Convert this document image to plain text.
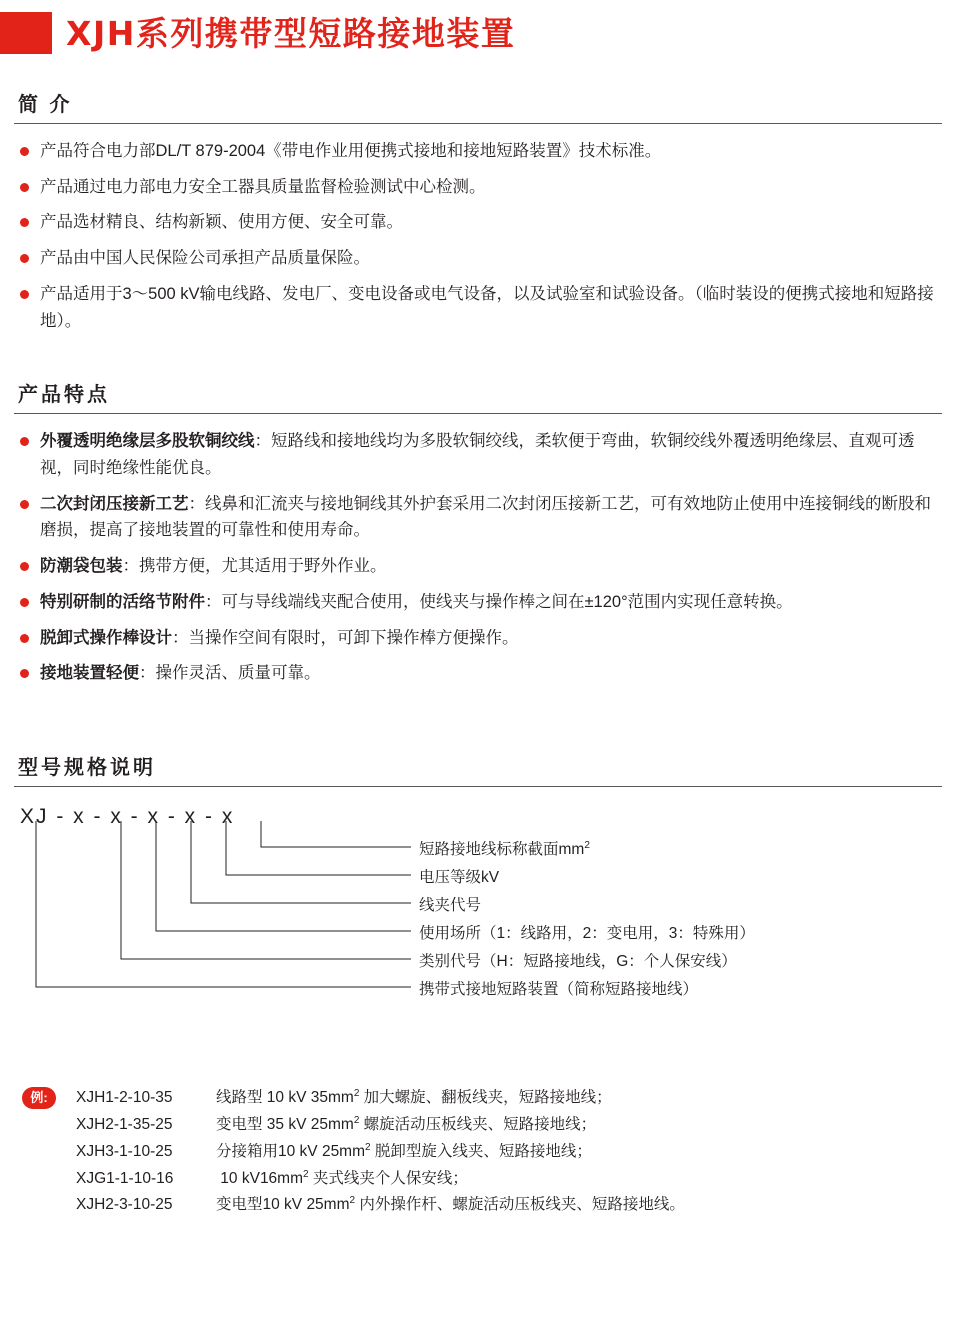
XJH系列携带型短路接地装置
简 介
产品符合电力部DL/T 879-2004《带电作业用便携式接地和接地短路装置》技术标准。
产品通过电力部电力安全工器具质量监督检验测试中心检测。
产品选材精良、结构新颖、使用方便、安全可靠。
产品由中国人民保险公司承担产品质量保险。
产品适用于3～500 kV输电线路、发电厂、变电设备或电气设备，以及试验室和试验设备。（临时装设的便携式接地和短路接地）。
产品特点
外覆透明绝缘层多股软铜绞线：短路线和接地线均为多股软铜绞线，柔软便于弯曲，软铜绞线外覆透明绝缘层、直观可透视，同时绝缘性能优良。
二次封闭压接新工艺：线鼻和汇流夹与接地铜线其外护套采用二次封闭压接新工艺，可有效地防止使用中连接铜线的断股和磨损，提高了接地装置的可靠性和使用寿命。
防潮袋包装：携带方便，尤其适用于野外作业。
特别研制的活络节附件：可与导线端线夹配合使用，使线夹与操作棒之间在±120°范围内实现任意转换。
脱卸式操作棒设计：当操作空间有限时，可卸下操作棒方便操作。
接地装置轻便：操作灵活、质量可靠。
型号规格说明
XJ - x - x - x - x - x
短路接地线标称截面$mm^2$
电压等级kV
线夹代号
使用场所（1：线路用，2：变电用，3：特殊用）
类别代号（H：短路接地线，G：个人保安线）
携带式接地短路装置（简称短路接地线）
例:	XJH1-2-10-35	线路型 10 kV $35mm^2$ 加大螺旋、翻板线夹，短路接地线；
XJH2-1-35-25	变电型 35 kV $25mm^2$ 螺旋活动压板线夹、短路接地线；
XJH3-1-10-25	分接箱用10 kV $25mm^2$ 脱卸型旋入线夹、短路接地线；
XJG1-1-10-16	10 $kV16mm^2$ 夹式线夹个人保安线；
XJH2-3-10-25	变电型10 kV $25mm^2$ 内外操作杆、螺旋活动压板线夹、短路接地线。
